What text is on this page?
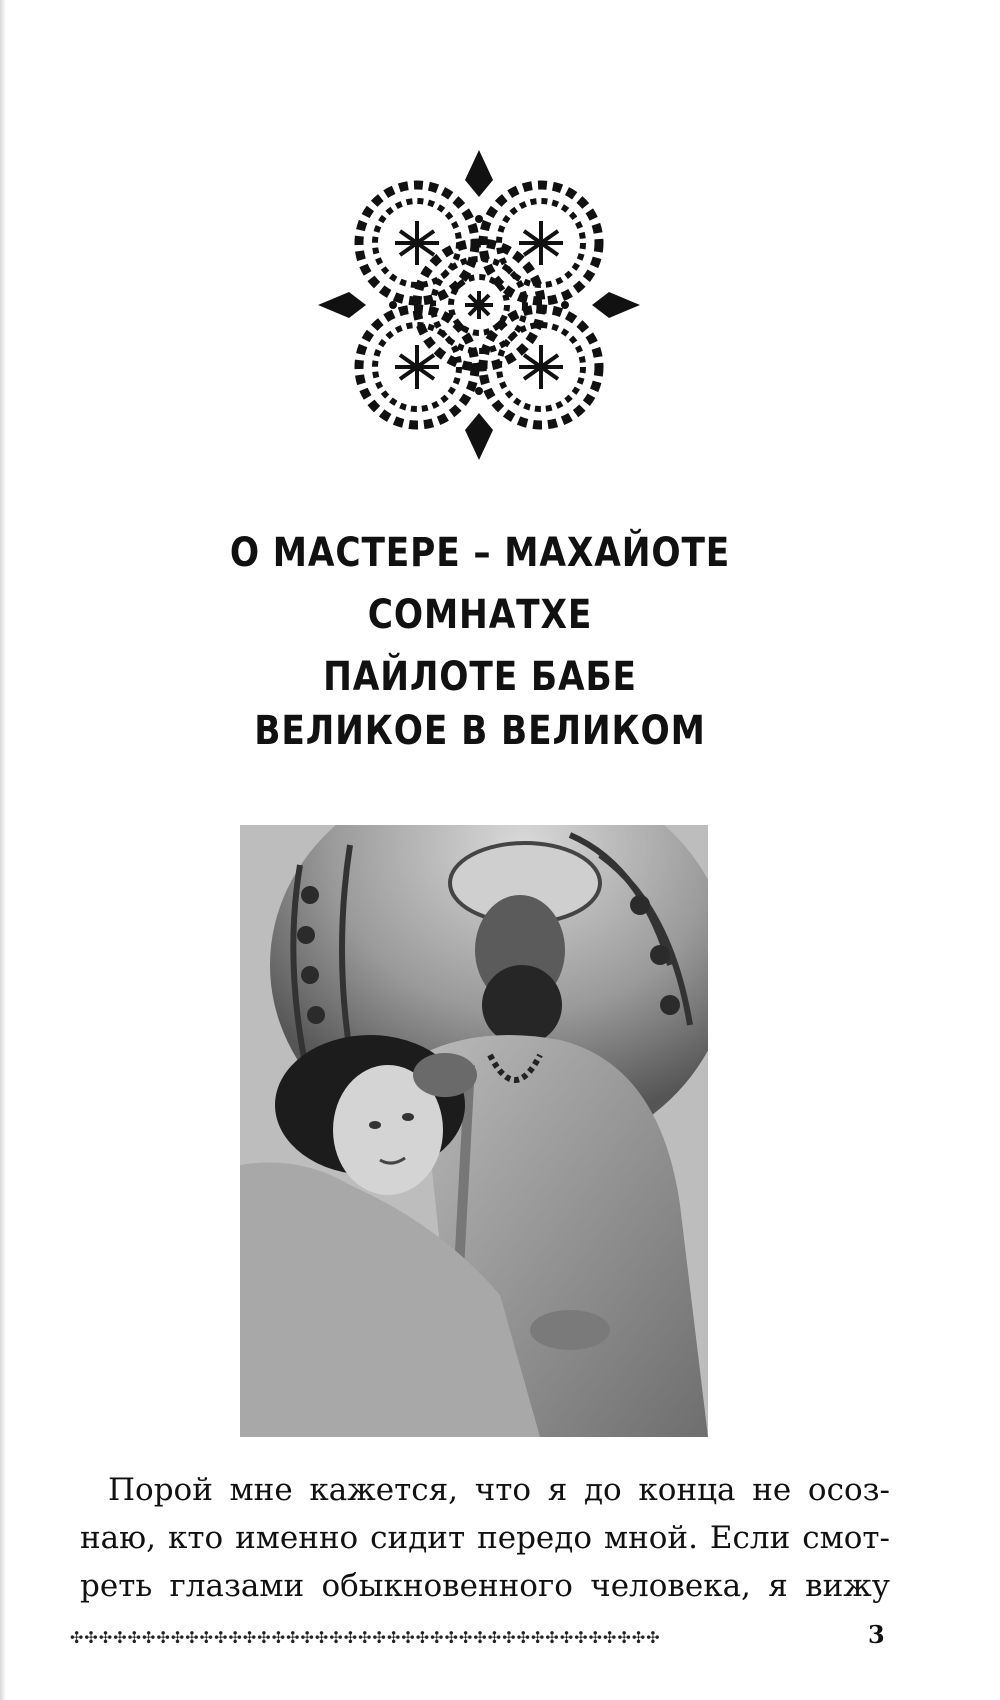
О МАСТЕРЕ – МАХАЙОТЕ СОМНАТХЕ
ПАЙЛОТЕ БАБЕ
ВЕЛИКОЕ В ВЕЛИКОМ
Порой мне кажется, что я до конца не осоз-
наю, кто именно сидит передо мной. Если смот-
реть глазами обыкновенного человека, я вижу
✣✣✣✣✣✣✣✣✣✣✣✣✣✣✣✣✣✣✣✣✣✣✣✣✣✣✣✣✣✣✣✣✣✣✣✣✣✣✣✣✣	3
